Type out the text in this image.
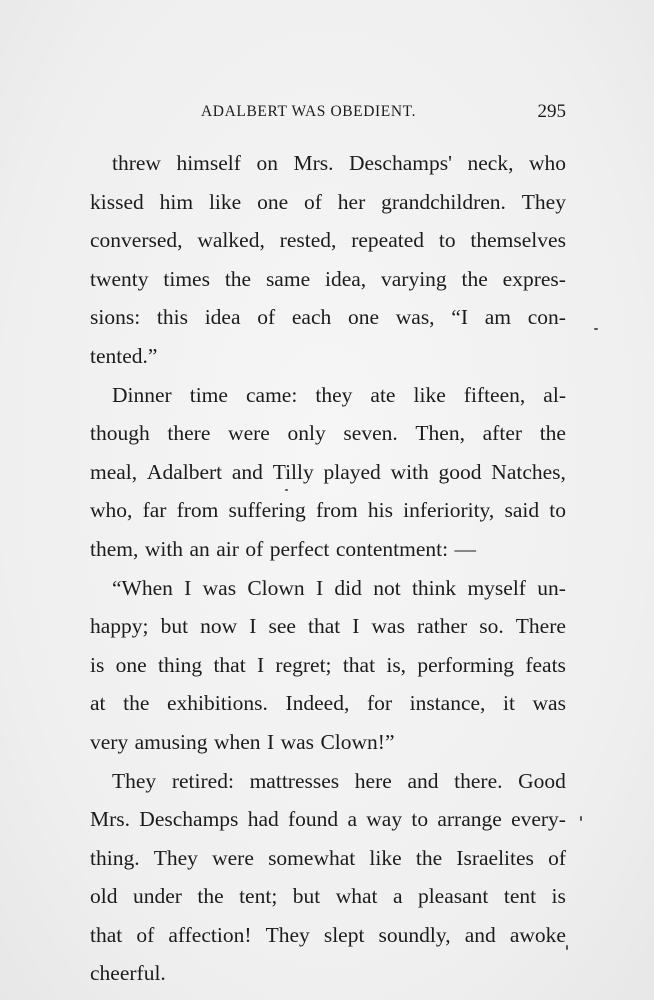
ADALBERT WAS OBEDIENT.	295
threw himself on Mrs. Deschamps' neck, who
kissed him like one of her grandchildren. They
conversed, walked, rested, repeated to themselves
twenty times the same idea, varying the expres-
sions: this idea of each one was, “I am con-
tented.”
Dinner time came: they ate like fifteen, al-
though there were only seven. Then, after the
meal, Adalbert and Tilly played with good Natches,
who, far from suffering from his inferiority, said to
them, with an air of perfect contentment: —
“When I was Clown I did not think myself un-
happy; but now I see that I was rather so. There
is one thing that I regret; that is, performing feats
at the exhibitions. Indeed, for instance, it was
very amusing when I was Clown!”
They retired: mattresses here and there. Good
Mrs. Deschamps had found a way to arrange every-
thing. They were somewhat like the Israelites of
old under the tent; but what a pleasant tent is
that of affection! They slept soundly, and awoke
cheerful.
